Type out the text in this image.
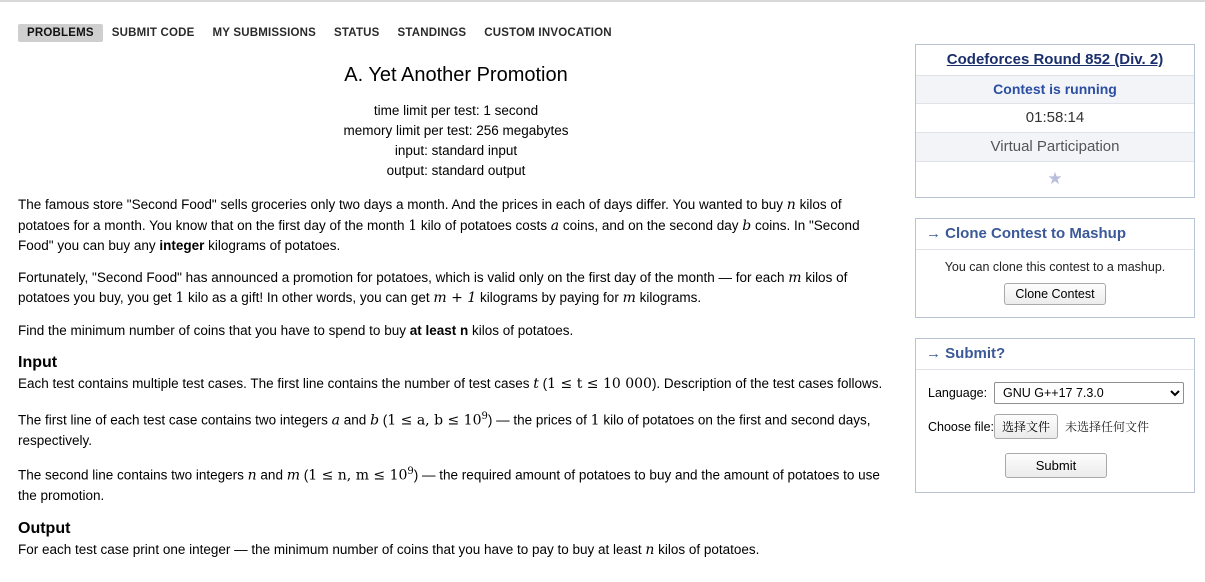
PROBLEMS	SUBMIT CODE	MY SUBMISSIONS	STATUS	STANDINGS	CUSTOM INVOCATION
A. Yet Another Promotion
time limit per test: 1 second
memory limit per test: 256 megabytes
input: standard input
output: standard output

The famous store "Second Food" sells groceries only two days a month. And the prices in each of days differ. You wanted to buy n kilos of potatoes for a month. You know that on the first day of the month 1 kilo of potatoes costs a coins, and on the second day b coins. In "Second Food" you can buy any integer kilograms of potatoes.

Fortunately, "Second Food" has announced a promotion for potatoes, which is valid only on the first day of the month — for each m kilos of potatoes you buy, you get 1 kilo as a gift! In other words, you can get m + 1 kilograms by paying for m kilograms.

Find the minimum number of coins that you have to spend to buy at least n kilos of potatoes.

Input

Each test contains multiple test cases. The first line contains the number of test cases t (1 ≤ t ≤ 10 000). Description of the test cases follows.

The first line of each test case contains two integers a and b (1 ≤ a, $b \le 10^9$) — the prices of 1 kilo of potatoes on the first and second days, respectively.

The second line contains two integers n and m (1 ≤ n, $m \le 10^9$) — the required amount of potatoes to buy and the amount of potatoes to use the promotion.

Output

For each test case print one integer — the minimum number of coins that you have to pay to buy at least n kilos of potatoes.

Codeforces Round 852 (Div. 2)
Contest is running
01:58:14
Virtual Participation
★
→ Clone Contest to Mashup
You can clone this contest to a mashup.
Clone Contest
→ Submit?
Language:
GNU G++17 7.3.0
Choose file: 选择文件	未选择任何文件
Submit
